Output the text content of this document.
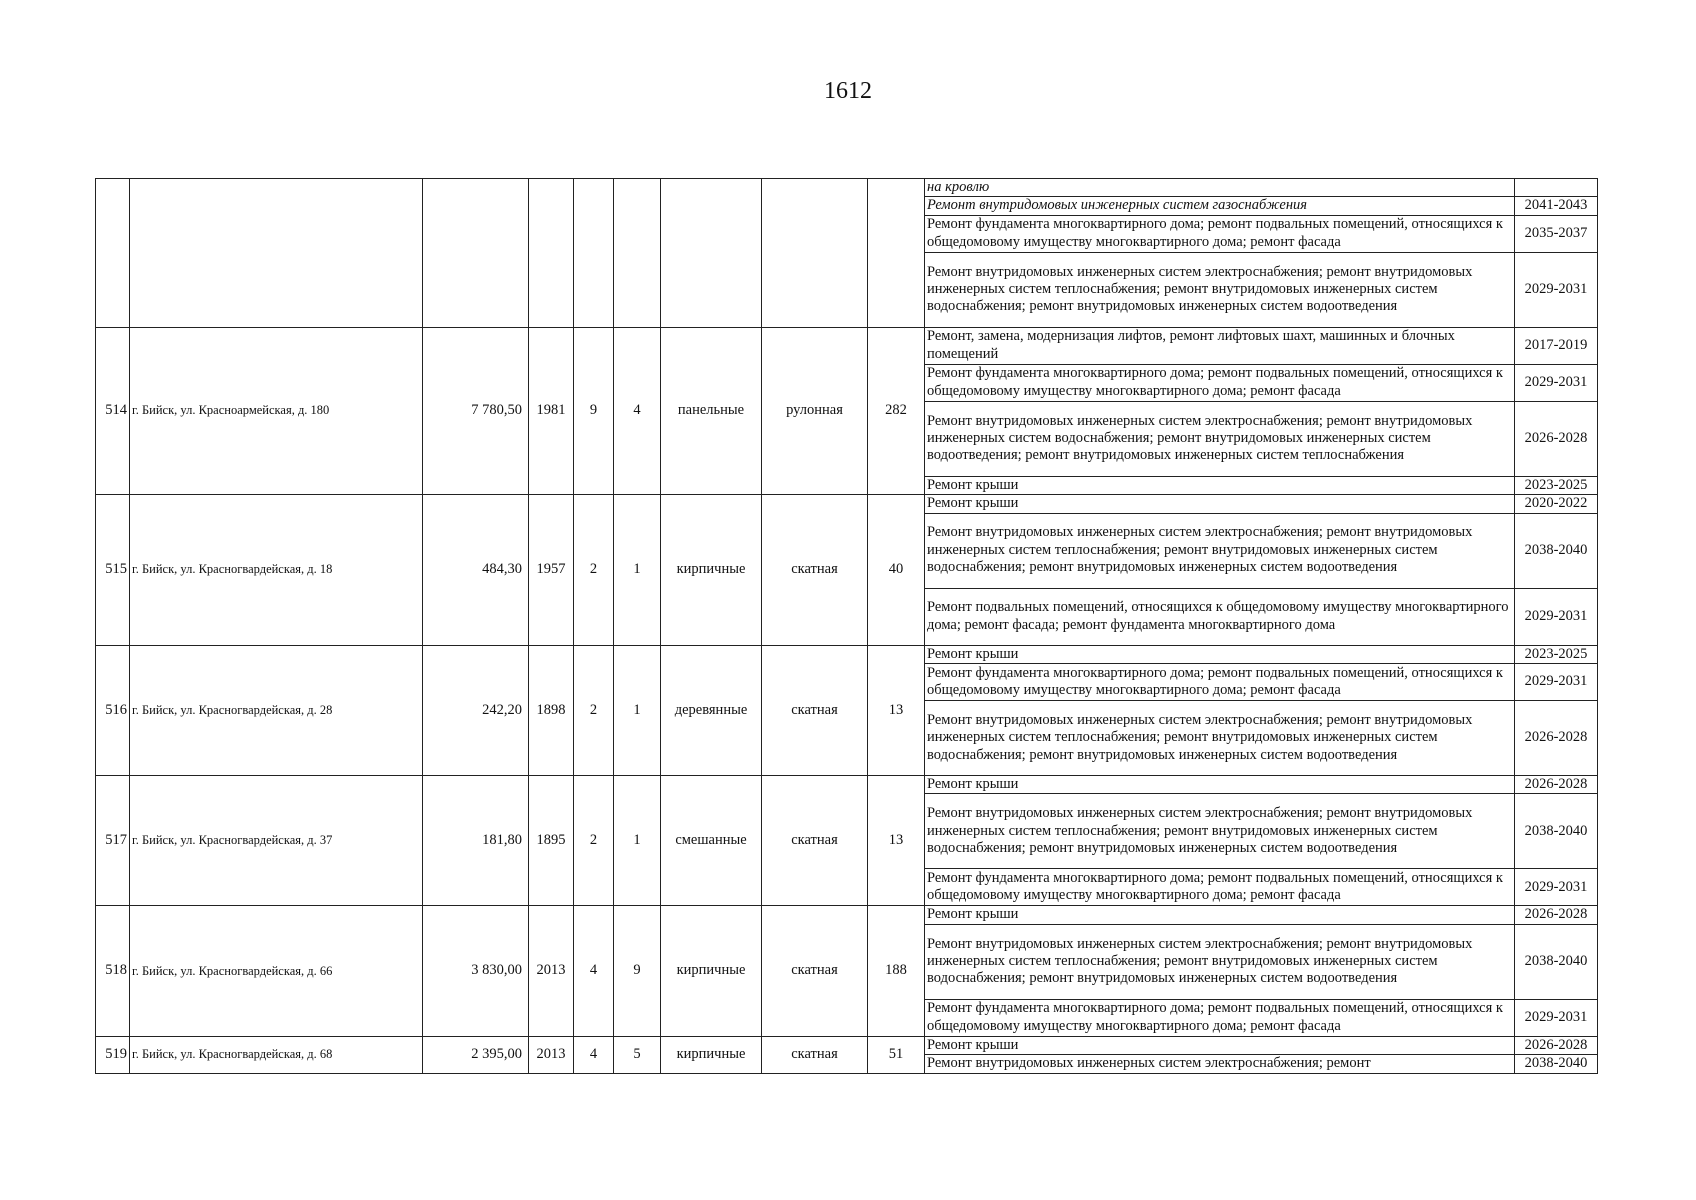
1612
									на кровлю	
									Ремонт внутридомовых инженерных систем газоснабжения	2041-2043
									Ремонт фундамента многоквартирного дома; ремонт подвальных помещений, относящихся к общедомовому имуществу многоквартирного дома; ремонт фасада	2035-2037
									Ремонт внутридомовых инженерных систем электроснабжения; ремонт внутридомовых инженерных систем теплоснабжения; ремонт внутридомовых инженерных систем водоснабжения; ремонт внутридомовых инженерных систем водоотведения	2029-2031
514	г. Бийск, ул. Красноармейская, д. 180	7 780,50	1981	9	4	панельные	рулонная	282	Ремонт, замена, модернизация лифтов, ремонт лифтовых шахт, машинных и блочных помещений	2017-2019
									Ремонт фундамента многоквартирного дома; ремонт подвальных помещений, относящихся к общедомовому имуществу многоквартирного дома; ремонт фасада	2029-2031
									Ремонт внутридомовых инженерных систем электроснабжения; ремонт внутридомовых инженерных систем водоснабжения; ремонт внутридомовых инженерных систем водоотведения; ремонт внутридомовых инженерных систем теплоснабжения	2026-2028
									Ремонт крыши	2023-2025
515	г. Бийск, ул. Красногвардейская, д. 18	484,30	1957	2	1	кирпичные	скатная	40	Ремонт крыши	2020-2022
									Ремонт внутридомовых инженерных систем электроснабжения; ремонт внутридомовых инженерных систем теплоснабжения; ремонт внутридомовых инженерных систем водоснабжения; ремонт внутридомовых инженерных систем водоотведения	2038-2040
									Ремонт подвальных помещений, относящихся к общедомовому имуществу многоквартирного дома; ремонт фасада; ремонт фундамента многоквартирного дома	2029-2031
516	г. Бийск, ул. Красногвардейская, д. 28	242,20	1898	2	1	деревянные	скатная	13	Ремонт крыши	2023-2025
									Ремонт фундамента многоквартирного дома; ремонт подвальных помещений, относящихся к общедомовому имуществу многоквартирного дома; ремонт фасада	2029-2031
									Ремонт внутридомовых инженерных систем электроснабжения; ремонт внутридомовых инженерных систем теплоснабжения; ремонт внутридомовых инженерных систем водоснабжения; ремонт внутридомовых инженерных систем водоотведения	2026-2028
517	г. Бийск, ул. Красногвардейская, д. 37	181,80	1895	2	1	смешанные	скатная	13	Ремонт крыши	2026-2028
									Ремонт внутридомовых инженерных систем электроснабжения; ремонт внутридомовых инженерных систем теплоснабжения; ремонт внутридомовых инженерных систем водоснабжения; ремонт внутридомовых инженерных систем водоотведения	2038-2040
									Ремонт фундамента многоквартирного дома; ремонт подвальных помещений, относящихся к общедомовому имуществу многоквартирного дома; ремонт фасада	2029-2031
518	г. Бийск, ул. Красногвардейская, д. 66	3 830,00	2013	4	9	кирпичные	скатная	188	Ремонт крыши	2026-2028
									Ремонт внутридомовых инженерных систем электроснабжения; ремонт внутридомовых инженерных систем теплоснабжения; ремонт внутридомовых инженерных систем водоснабжения; ремонт внутридомовых инженерных систем водоотведения	2038-2040
									Ремонт фундамента многоквартирного дома; ремонт подвальных помещений, относящихся к общедомовому имуществу многоквартирного дома; ремонт фасада	2029-2031
519	г. Бийск, ул. Красногвардейская, д. 68	2 395,00	2013	4	5	кирпичные	скатная	51	Ремонт крыши	2026-2028
									Ремонт внутридомовых инженерных систем электроснабжения; ремонт	2038-2040
